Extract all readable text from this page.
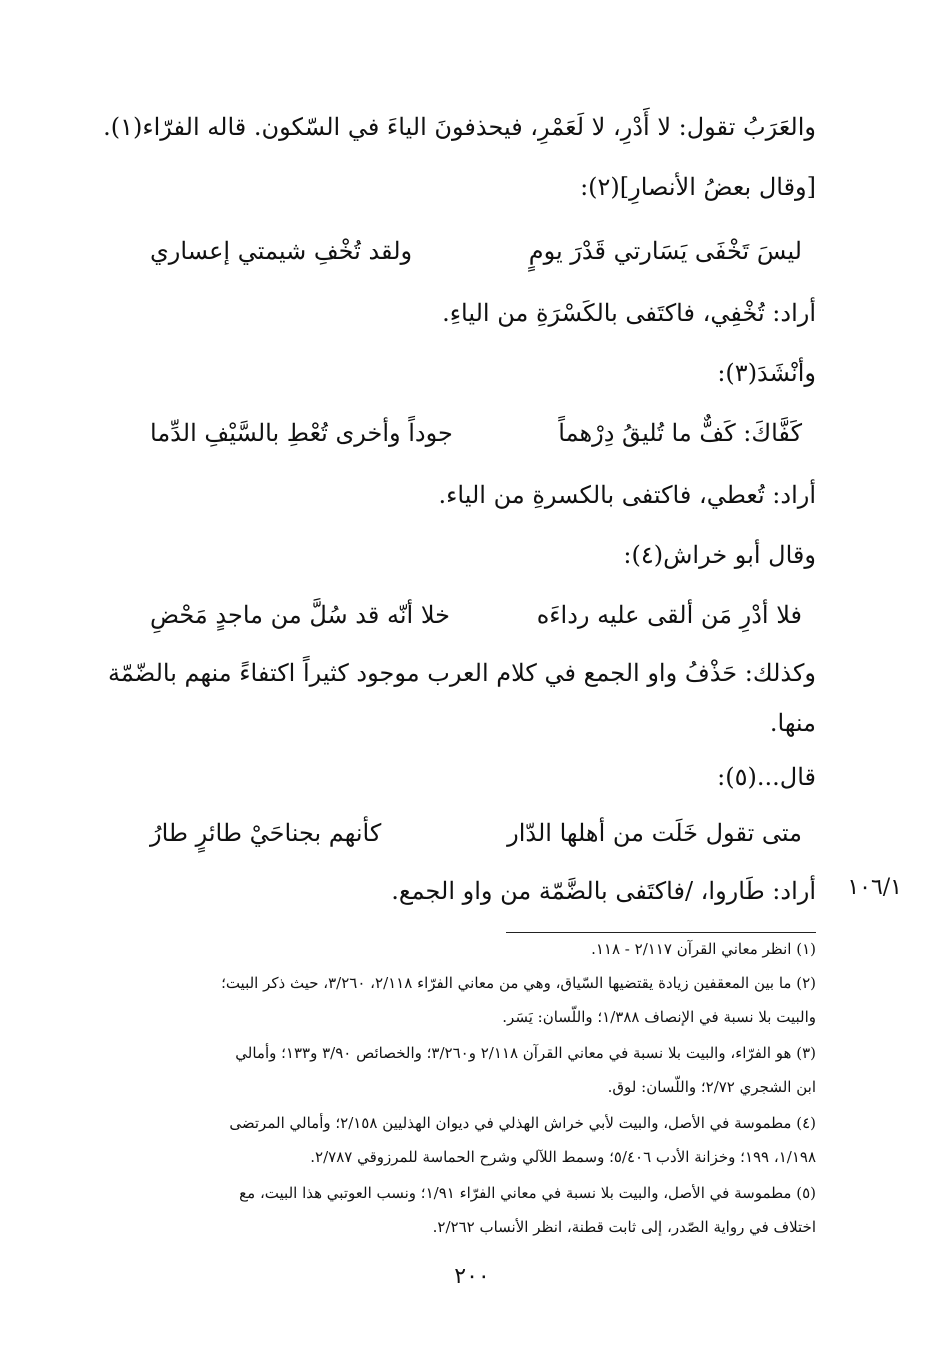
والعَرَبُ تقول: لا أَدْرِ، لا لَعَمْرِ، فيحذفونَ الياءَ في السّكون. قاله الفرّاء(١).
[وقال بعضُ الأنصارِ](٢):
ليسَ تَخْفَى يَسَارتي قَدْرَ يومٍ
ولقد تُخْفِ شيمتي إعساري
أراد: تُخْفِي، فاكتَفى بالكَسْرَةِ من الياءِ.
وأنْشَدَ(٣):
كَفَّاكَ: كَفٌّ ما تُليقُ دِرْهماً
جوداً وأخرى تُعْطِ بالسَّيْفِ الدِّما
أراد: تُعطي، فاكتفى بالكسرةِ من الياء.
وقال أبو خراش(٤):
فلا أدْرِ مَن ألقى عليه رداءَه
خلا أنّه قد سُلَّ من ماجدٍ مَحْضِ
وكذلك: حَذْفُ واو الجمع في كلام العرب موجود كثيراً اكتفاءً منهم بالضّمّة
منها.
قال...(٥):
متى تقول خَلَت من أهلها الدّار
كأنهم بجناحَيْ طائرٍ طارُ
أراد: طَاروا، /فاكتَفى بالضَّمّة من واو الجمع. ١٠٦/١
(١) انظر معاني القرآن ٢/١١٧ - ١١٨.
(٢) ما بين المعقفين زيادة يقتضيها السّياق، وهي من معاني الفرّاء ٢/١١٨، ٣/٢٦٠، حيث ذكر البيت؛
والبيت بلا نسبة في الإنصاف ١/٣٨٨؛ واللّسان: يَسَر.
(٣) هو الفرّاء، والبيت بلا نسبة في معاني القرآن ٢/١١٨ و٣/٢٦٠؛ والخصائص ٣/٩٠ و١٣٣؛ وأمالي
ابن الشجري ٢/٧٢؛ واللّسان: لوق.
(٤) مطموسة في الأصل، والبيت لأبي خراش الهذلي في ديوان الهذليين ٢/١٥٨؛ وأمالي المرتضى
١/١٩٨، ١٩٩؛ وخزانة الأدب ٥/٤٠٦؛ وسمط اللآلي وشرح الحماسة للمرزوقي ٢/٧٨٧.
(٥) مطموسة في الأصل، والبيت بلا نسبة في معاني الفرّاء ١/٩١؛ ونسب العوتبي هذا البيت، مع
اختلاف في رواية الصّدر، إلى ثابت قطنة، انظر الأنساب ٢/٢٦٢.
٢٠٠
